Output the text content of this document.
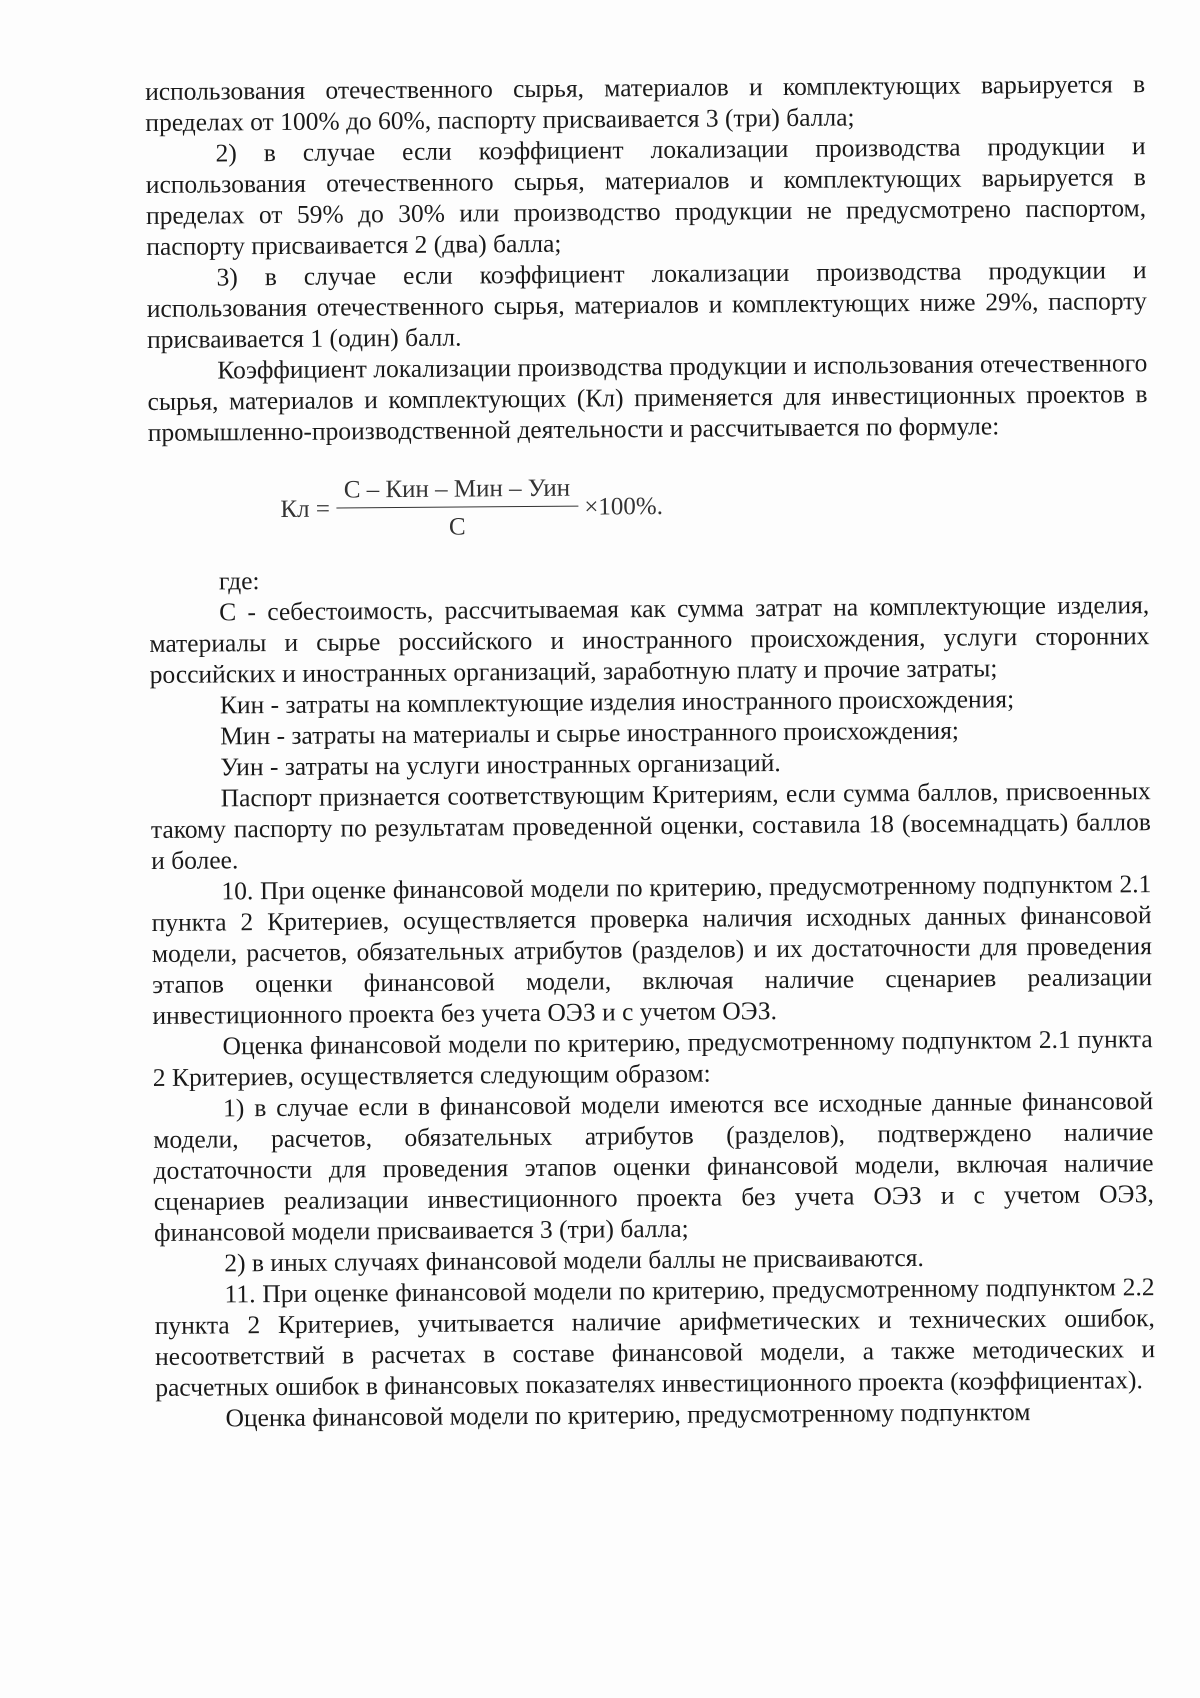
использования отечественного сырья, материалов и комплектующих варьируется в пределах от 100% до 60%, паспорту присваивается 3 (три) балла;

2) в случае если коэффициент локализации производства продукции и использования отечественного сырья, материалов и комплектующих варьируется в пределах от 59% до 30% или производство продукции не предусмотрено паспортом, паспорту присваивается 2 (два) балла;

3) в случае если коэффициент локализации производства продукции и использования отечественного сырья, материалов и комплектующих ниже 29%, паспорту присваивается 1 (один) балл.

Коэффициент локализации производства продукции и использования отечественного сырья, материалов и комплектующих (Кл) применяется для инвестиционных проектов в промышленно-производственной деятельности и рассчитывается по формуле:

Кл = $\frac{\text{С – Кин – Мин – Уин}}{С} \times 100\%$.

где:

С - себестоимость, рассчитываемая как сумма затрат на комплектующие изделия, материалы и сырье российского и иностранного происхождения, услуги сторонних российских и иностранных организаций, заработную плату и прочие затраты;

Кин - затраты на комплектующие изделия иностранного происхождения;

Мин - затраты на материалы и сырье иностранного происхождения;

Уин - затраты на услуги иностранных организаций.

Паспорт признается соответствующим Критериям, если сумма баллов, присвоенных такому паспорту по результатам проведенной оценки, составила 18 (восемнадцать) баллов и более.

10. При оценке финансовой модели по критерию, предусмотренному подпунктом 2.1 пункта 2 Критериев, осуществляется проверка наличия исходных данных финансовой модели, расчетов, обязательных атрибутов (разделов) и их достаточности для проведения этапов оценки финансовой модели, включая наличие сценариев реализации инвестиционного проекта без учета ОЭЗ и с учетом ОЭЗ.

Оценка финансовой модели по критерию, предусмотренному подпунктом 2.1 пункта 2 Критериев, осуществляется следующим образом:

1) в случае если в финансовой модели имеются все исходные данные финансовой модели, расчетов, обязательных атрибутов (разделов), подтверждено наличие достаточности для проведения этапов оценки финансовой модели, включая наличие сценариев реализации инвестиционного проекта без учета ОЭЗ и с учетом ОЭЗ, финансовой модели присваивается 3 (три) балла;

2) в иных случаях финансовой модели баллы не присваиваются.

11. При оценке финансовой модели по критерию, предусмотренному подпунктом 2.2 пункта 2 Критериев, учитывается наличие арифметических и технических ошибок, несоответствий в расчетах в составе финансовой модели, а также методических и расчетных ошибок в финансовых показателях инвестиционного проекта (коэффициентах).

Оценка финансовой модели по критерию, предусмотренному подпунктом
